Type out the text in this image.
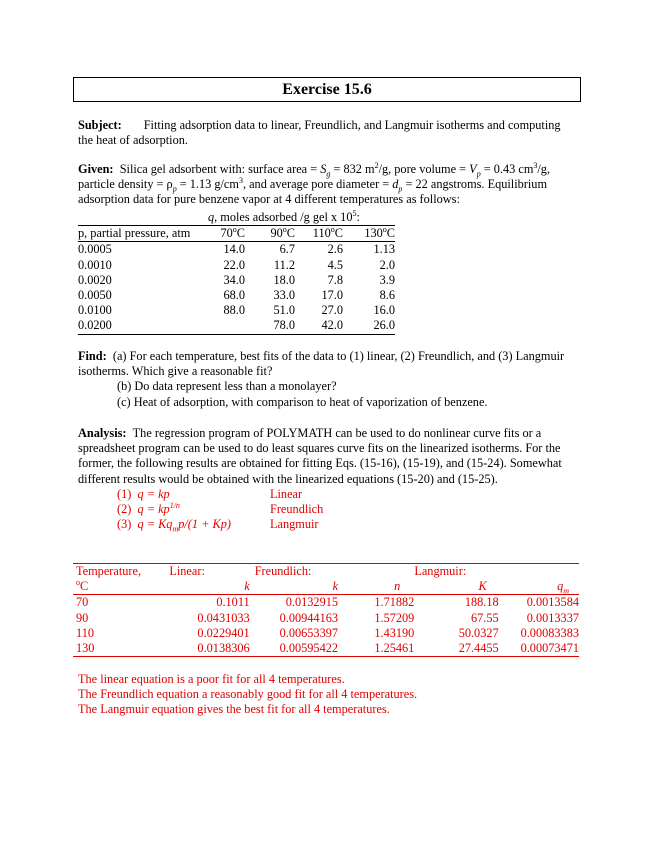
Exercise 15.6

Subject: Fitting adsorption data to linear, Freundlich, and Langmuir isotherms and computing the heat of adsorption.

Given: Silica gel adsorbent with: surface area = $S_g = 832$ $m^2/g$, pore volume = $V_p = 0.43$ $cm^3/g$,

particle density = $\rho_p = 1.13$ $g/cm^3$, and average pore diameter = $d_p = 22$ angstroms. Equilibrium

adsorption data for pure benzene vapor at 4 different temperatures as follows:

q, moles adsorbed /g gel x $10^5$:
p, partial pressure, atm	70$^o$C	90$^o$C	110$^o$C	130$^o$C
0.0005	14.0	6.7	2.6	1.13
0.0010	22.0	11.2	4.5	2.0
0.0020	34.0	18.0	7.8	3.9
0.0050	68.0	33.0	17.0	8.6
0.0100	88.0	51.0	27.0	16.0
0.0200		78.0	42.0	26.0

Find: (a) For each temperature, best fits of the data to (1) linear, (2) Freundlich, and (3) Langmuir isotherms. Which give a reasonable fit?

(b) Do data represent less than a monolayer?

(c) Heat of adsorption, with comparison to heat of vaporization of benzene.

Analysis: The regression program of POLYMATH can be used to do nonlinear curve fits or a spreadsheet program can be used to do least squares curve fits on the linearized isotherms. For the former, the following results are obtained for fitting Eqs. (15-16), (15-19), and (15-24). Somewhat different results would be obtained with the linearized equations (15-20) and (15-25).

(1) q = kp	Linear
(2) $q = kp^{1/n}$	Freundlich
(3) $q = Kq_mp/(1 + Kp)$	Langmuir
Temperature,	Linear:	Freundlich:		Langmuir:	
$^o$C	k	k	n	K	$q_m$
70	0.1011	0.0132915	1.71882	188.18	0.0013584
90	0.0431033	0.00944163	1.57209	67.55	0.0013337
110	0.0229401	0.00653397	1.43190	50.0327	0.00083383
130	0.0138306	0.00595422	1.25461	27.4455	0.00073471

The linear equation is a poor fit for all 4 temperatures.

The Freundlich equation a reasonably good fit for all 4 temperatures.

The Langmuir equation gives the best fit for all 4 temperatures.
